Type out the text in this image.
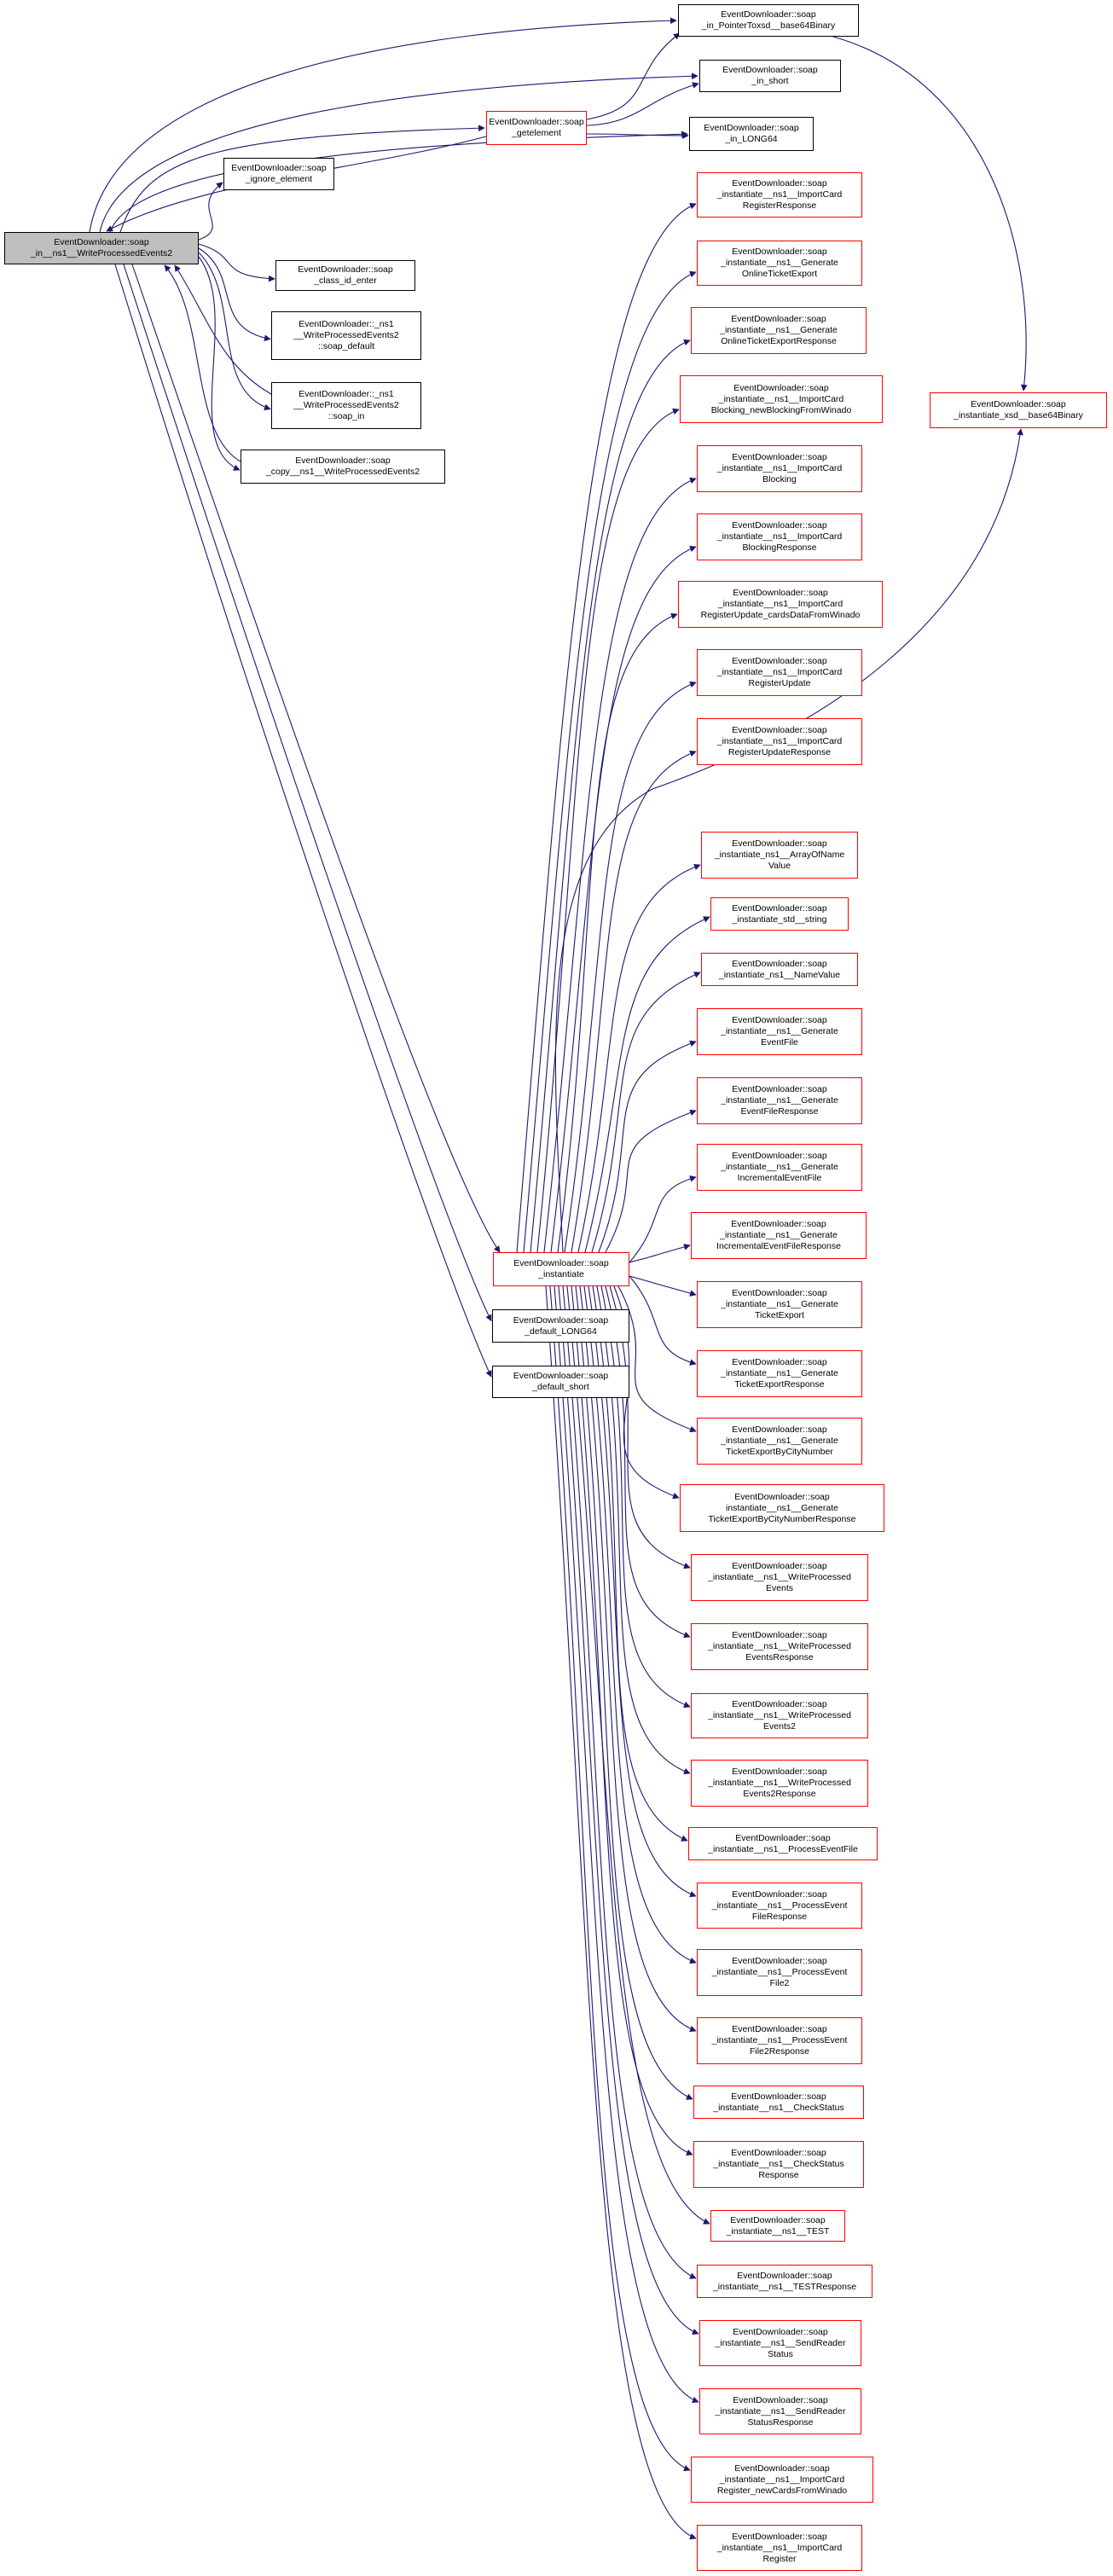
EventDownloader::soap
_in__ns1__WriteProcessedEvents2
EventDownloader::soap
_ignore_element
EventDownloader::soap
_class_id_enter
EventDownloader::_ns1
__WriteProcessedEvents2
::soap_default
EventDownloader::_ns1
__WriteProcessedEvents2
::soap_in
EventDownloader::soap
_copy__ns1__WriteProcessedEvents2
EventDownloader::soap
_getelement
EventDownloader::soap
_in_PointerToxsd__base64Binary
EventDownloader::soap
_in_short
EventDownloader::soap
_in_LONG64
EventDownloader::soap
_instantiate
EventDownloader::soap
_default_LONG64
EventDownloader::soap
_default_short
EventDownloader::soap
_instantiate_xsd__base64Binary
EventDownloader::soap
_instantiate__ns1__ImportCard
RegisterResponse
EventDownloader::soap
_instantiate__ns1__Generate
OnlineTicketExport
EventDownloader::soap
_instantiate__ns1__Generate
OnlineTicketExportResponse
EventDownloader::soap
_instantiate__ns1__ImportCard
Blocking_newBlockingFromWinado
EventDownloader::soap
_instantiate__ns1__ImportCard
Blocking
EventDownloader::soap
_instantiate__ns1__ImportCard
BlockingResponse
EventDownloader::soap
_instantiate__ns1__ImportCard
RegisterUpdate_cardsDataFromWinado
EventDownloader::soap
_instantiate__ns1__ImportCard
RegisterUpdate
EventDownloader::soap
_instantiate__ns1__ImportCard
RegisterUpdateResponse
EventDownloader::soap
_instantiate_ns1__ArrayOfName
Value
EventDownloader::soap
_instantiate_std__string
EventDownloader::soap
_instantiate_ns1__NameValue
EventDownloader::soap
_instantiate__ns1__Generate
EventFile
EventDownloader::soap
_instantiate__ns1__Generate
EventFileResponse
EventDownloader::soap
_instantiate__ns1__Generate
IncrementalEventFile
EventDownloader::soap
_instantiate__ns1__Generate
IncrementalEventFileResponse
EventDownloader::soap
_instantiate__ns1__Generate
TicketExport
EventDownloader::soap
_instantiate__ns1__Generate
TicketExportResponse
EventDownloader::soap
_instantiate__ns1__Generate
TicketExportByCityNumber
EventDownloader::soap
instantiate__ns1__Generate
TicketExportByCityNumberResponse
EventDownloader::soap
_instantiate__ns1__WriteProcessed
Events
EventDownloader::soap
_instantiate__ns1__WriteProcessed
EventsResponse
EventDownloader::soap
_instantiate__ns1__WriteProcessed
Events2
EventDownloader::soap
_instantiate__ns1__WriteProcessed
Events2Response
EventDownloader::soap
_instantiate__ns1__ProcessEventFile
EventDownloader::soap
_instantiate__ns1__ProcessEvent
FileResponse
EventDownloader::soap
_instantiate__ns1__ProcessEvent
File2
EventDownloader::soap
_instantiate__ns1__ProcessEvent
File2Response
EventDownloader::soap
_instantiate__ns1__CheckStatus
EventDownloader::soap
_instantiate__ns1__CheckStatus
Response
EventDownloader::soap
_instantiate__ns1__TEST
EventDownloader::soap
_instantiate__ns1__TESTResponse
EventDownloader::soap
_instantiate__ns1__SendReader
Status
EventDownloader::soap
_instantiate__ns1__SendReader
StatusResponse
EventDownloader::soap
_instantiate__ns1__ImportCard
Register_newCardsFromWinado
EventDownloader::soap
_instantiate__ns1__ImportCard
Register
